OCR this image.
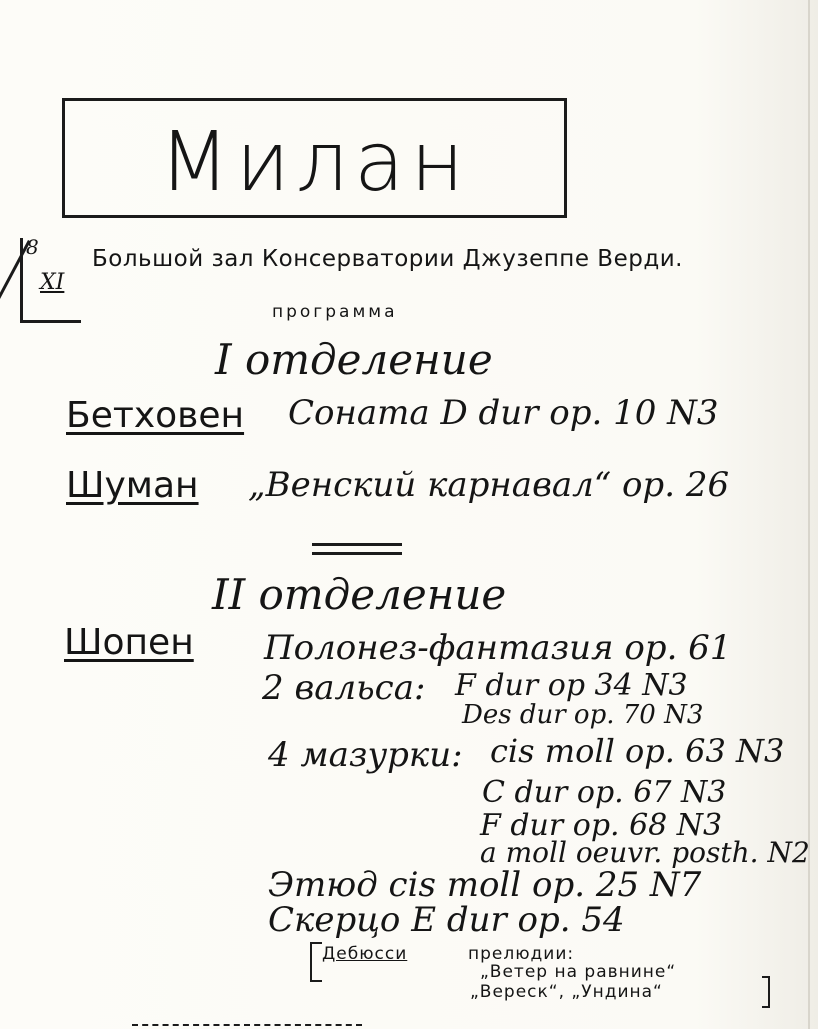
Милан
8
XI
Большой зал Консерватории Джузеппе Верди.
программа
I отделение
Бетховен Соната D dur op. 10 N3
Шуман „Венский карнавал“ op. 26
II отделение
Шопен Полонез-фантазия op. 61
2 вальса: F dur op 34 N3
Des dur op. 70 N3
4 мазурки: cis moll op. 63 N3
C dur op. 67 N3
F dur op. 68 N3
a moll oeuvr. posth. N2
Этюд cis moll op. 25 N7
Скерцо E dur op. 54
Дебюсси	прелюдии:
„Ветер на равнине“
„Вереск“, „Ундина“
